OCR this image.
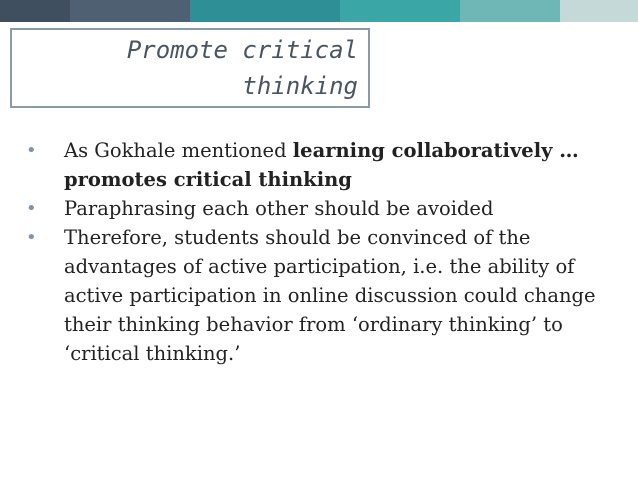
Promote critical
thinking
• As Gokhale mentioned learning collaboratively … promotes critical thinking
• Paraphrasing each other should be avoided
• Therefore, students should be convinced of the advantages of active participation, i.e. the ability of active participation in online discussion could change their thinking behavior from ‘ordinary thinking’ to ‘critical thinking.’
